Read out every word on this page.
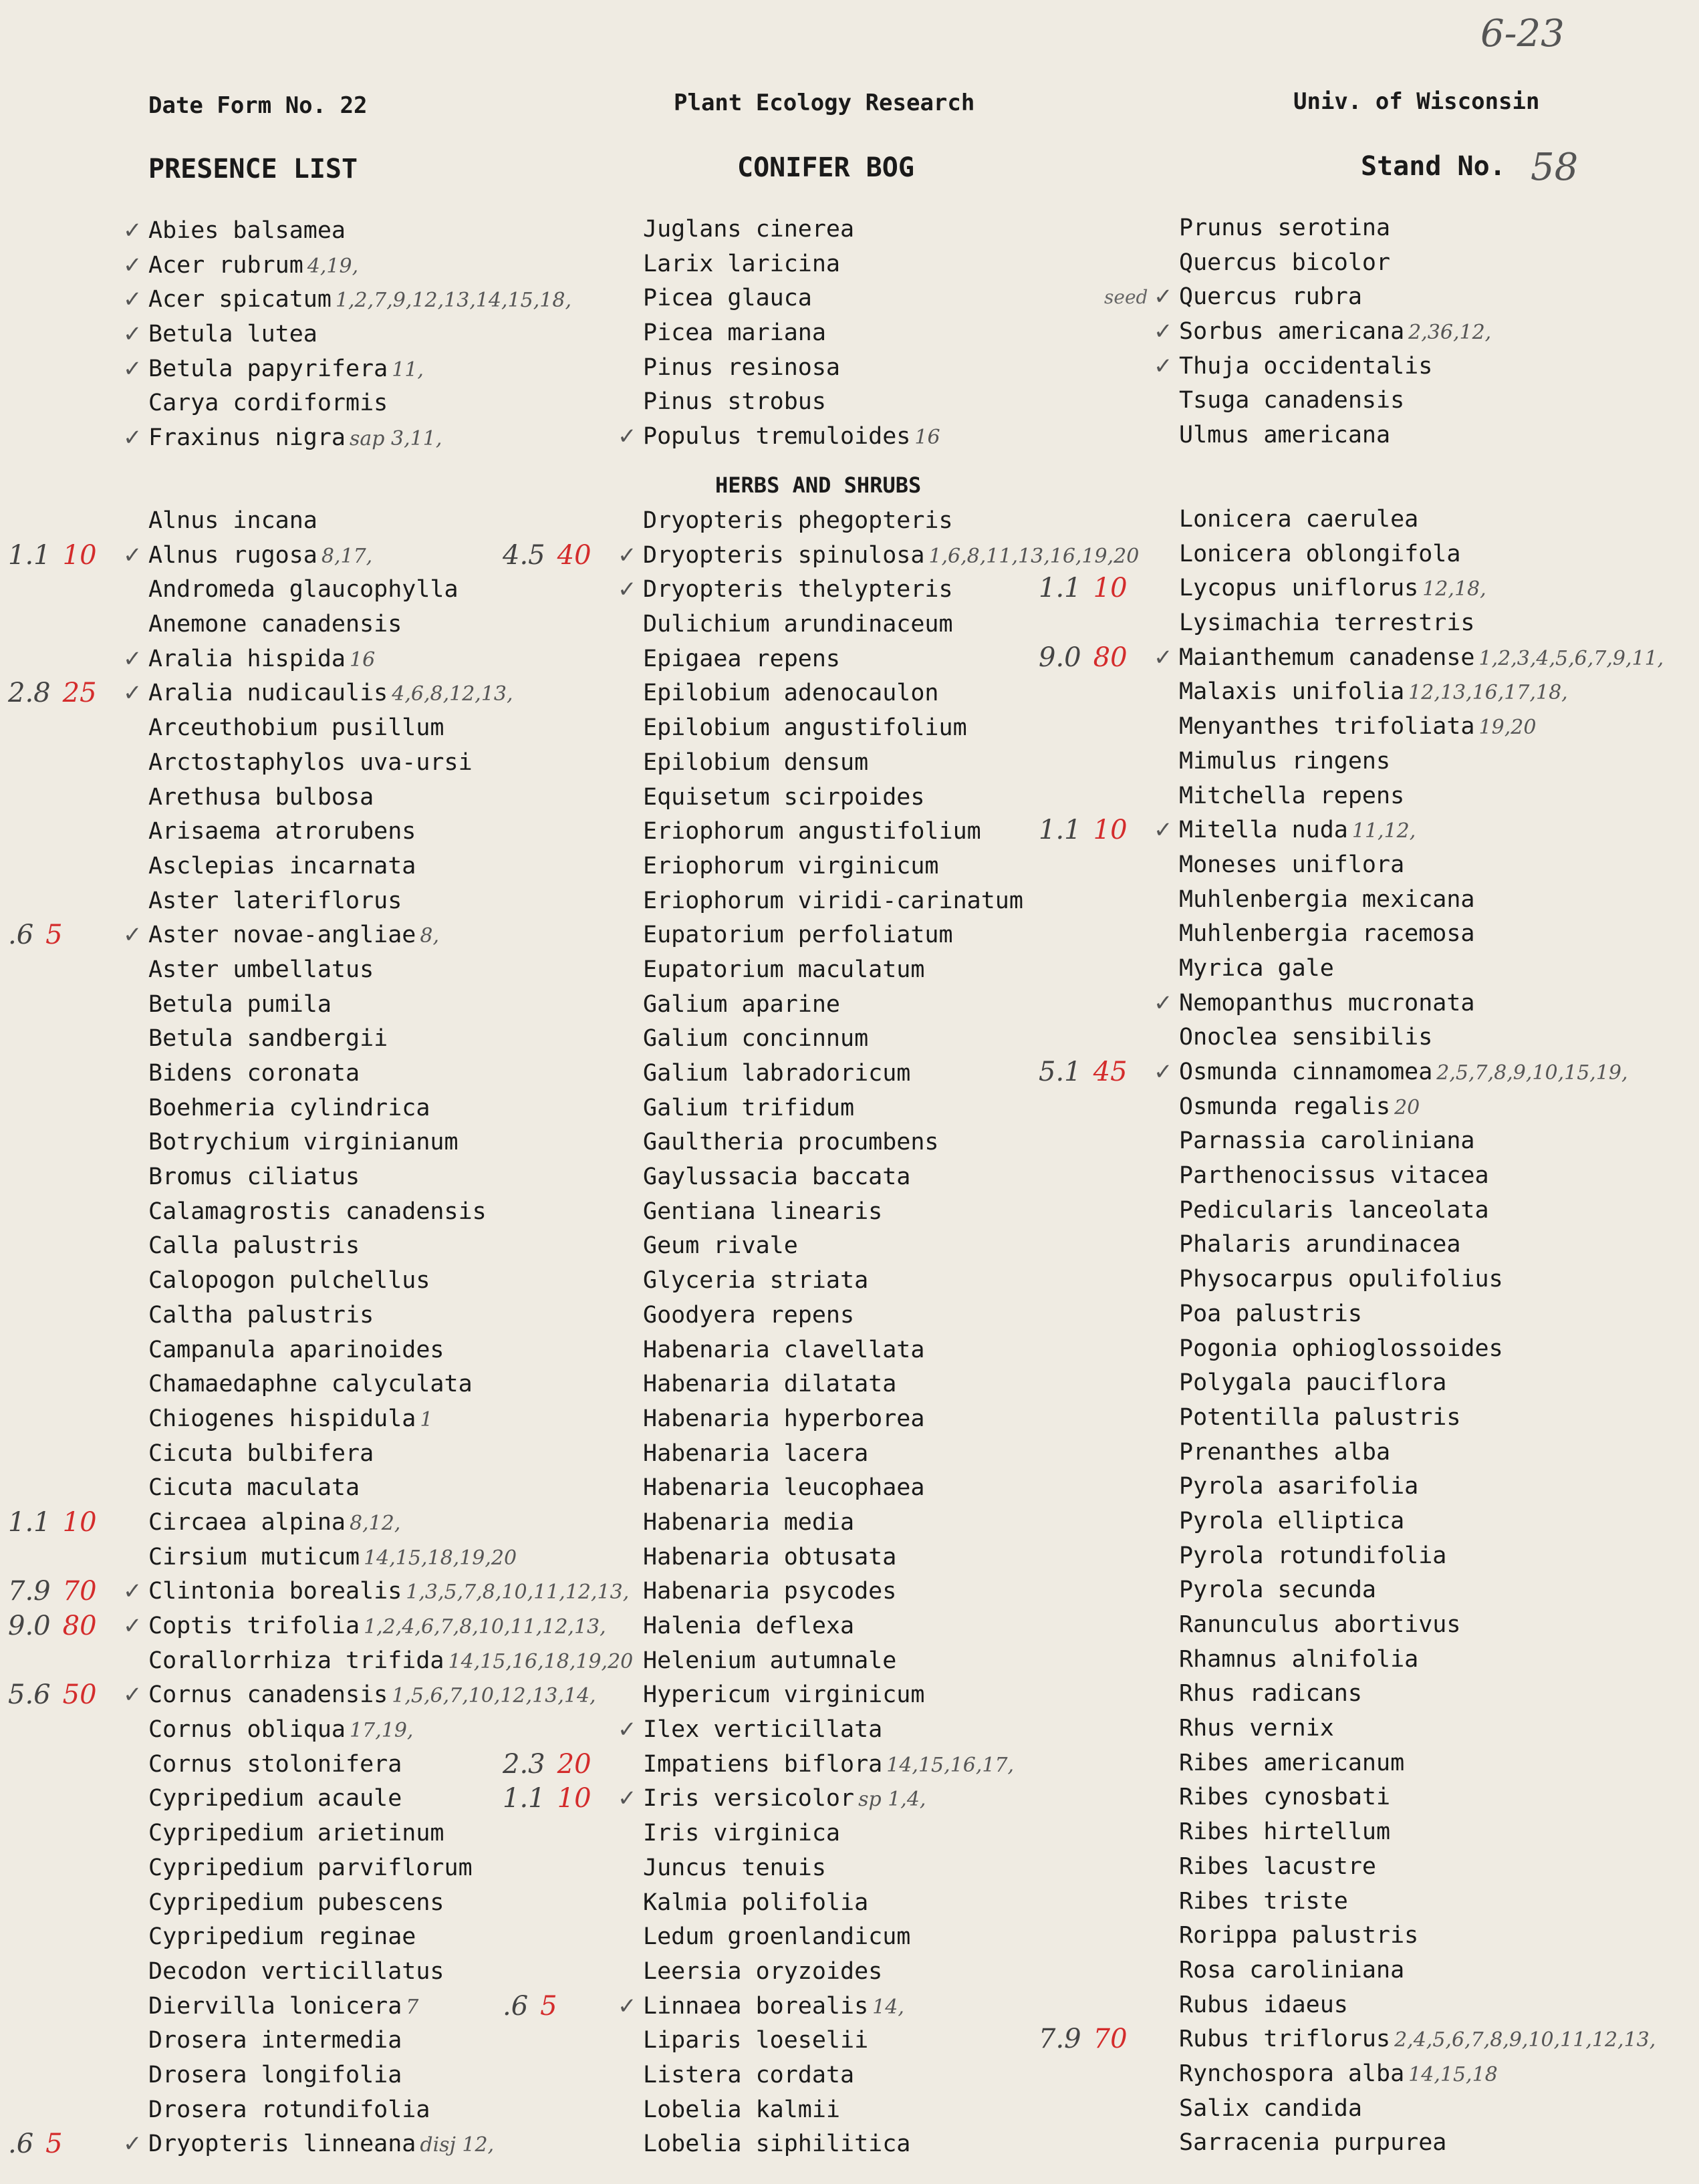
6-23
Date Form No. 22	Plant Ecology Research	Univ. of Wisconsin
PRESENCE LIST	CONIFER BOG	Stand No. 58
✓ Abies balsamea
✓ Acer rubrum 4,19,
✓ Acer spicatum 1,2,7,9,12,13,14,15,18,
✓ Betula lutea
✓ Betula papyrifera 11,
Carya cordiformis
✓ Fraxinus nigra sap 3,11,
Juglans cinerea
Larix laricina
Picea glauca
Picea mariana
Pinus resinosa
Pinus strobus
✓ Populus tremuloides 16
Prunus serotina
Quercus bicolor
seed ✓ Quercus rubra
✓ Sorbus americana 2,36,12,
✓ Thuja occidentalis
Tsuga canadensis
Ulmus americana
HERBS AND SHRUBS
Alnus incana
1.1 10 ✓ Alnus rugosa 8,17,
Andromeda glaucophylla
Anemone canadensis
✓ Aralia hispida 16
2.8 25 ✓ Aralia nudicaulis 4,6,8,12,13,
Arceuthobium pusillum
Arctostaphylos uva-ursi
Arethusa bulbosa
Arisaema atrorubens
Asclepias incarnata
Aster lateriflorus
.6 5	✓ Aster novae-angliae 8,
Aster umbellatus
Betula pumila
Betula sandbergii
Bidens coronata
Boehmeria cylindrica
Botrychium virginianum
Bromus ciliatus
Calamagrostis canadensis
Calla palustris
Calopogon pulchellus
Caltha palustris
Campanula aparinoides
Chamaedaphne calyculata
Chiogenes hispidula 1
Cicuta bulbifera
Cicuta maculata
1.1 10 Circaea alpina 8,12,
Cirsium muticum 14,15,18,19,20
7.9 70 ✓ Clintonia borealis 1,3,5,7,8,10,11,12,13,
9.0 80 ✓ Coptis trifolia 1,2,4,6,7,8,10,11,12,13,
Corallorrhiza trifida 14,15,16,18,19,20
5.6 50 ✓ Cornus canadensis 1,5,6,7,10,12,13,14,
Cornus obliqua 17,19,
Cornus stolonifera
Cypripedium acaule
Cypripedium arietinum
Cypripedium parviflorum
Cypripedium pubescens
Cypripedium reginae
Decodon verticillatus
Diervilla lonicera 7
Drosera intermedia
Drosera longifolia
Drosera rotundifolia
.6 5	✓ Dryopteris linneana disj 12,
Dryopteris phegopteris
4.5 40 ✓ Dryopteris spinulosa 1,6,8,11,13,16,19,20
✓ Dryopteris thelypteris
Dulichium arundinaceum
Epigaea repens
Epilobium adenocaulon
Epilobium angustifolium
Epilobium densum
Equisetum scirpoides
Eriophorum angustifolium
Eriophorum virginicum
Eriophorum viridi-carinatum
Eupatorium perfoliatum
Eupatorium maculatum
Galium aparine
Galium concinnum
Galium labradoricum
Galium trifidum
Gaultheria procumbens
Gaylussacia baccata
Gentiana linearis
Geum rivale
Glyceria striata
Goodyera repens
Habenaria clavellata
Habenaria dilatata
Habenaria hyperborea
Habenaria lacera
Habenaria leucophaea
Habenaria media
Habenaria obtusata
Habenaria psycodes
Halenia deflexa
Helenium autumnale
Hypericum virginicum
✓ Ilex verticillata
2.3 20 Impatiens biflora 14,15,16,17,
1.1 10 ✓ Iris versicolor sp 1,4,
Iris virginica
Juncus tenuis
Kalmia polifolia
Ledum groenlandicum
Leersia oryzoides
.6 5	✓ Linnaea borealis 14,
Liparis loeselii
Listera cordata
Lobelia kalmii
Lobelia siphilitica
Lonicera caerulea
Lonicera oblongifola
1.1 10 Lycopus uniflorus 12,18,
Lysimachia terrestris
9.0 80 ✓ Maianthemum canadense 1,2,3,4,5,6,7,9,11,
Malaxis unifolia 12,13,16,17,18,
Menyanthes trifoliata 19,20
Mimulus ringens
Mitchella repens
1.1 10 ✓ Mitella nuda 11,12,
Moneses uniflora
Muhlenbergia mexicana
Muhlenbergia racemosa
Myrica gale
✓ Nemopanthus mucronata
Onoclea sensibilis
5.1 45 ✓ Osmunda cinnamomea 2,5,7,8,9,10,15,19,
Osmunda regalis 20
Parnassia caroliniana
Parthenocissus vitacea
Pedicularis lanceolata
Phalaris arundinacea
Physocarpus opulifolius
Poa palustris
Pogonia ophioglossoides
Polygala pauciflora
Potentilla palustris
Prenanthes alba
Pyrola asarifolia
Pyrola elliptica
Pyrola rotundifolia
Pyrola secunda
Ranunculus abortivus
Rhamnus alnifolia
Rhus radicans
Rhus vernix
Ribes americanum
Ribes cynosbati
Ribes hirtellum
Ribes lacustre
Ribes triste
Rorippa palustris
Rosa caroliniana
Rubus idaeus
7.9 70 Rubus triflorus 2,4,5,6,7,8,9,10,11,12,13,
Rynchospora alba 14,15,18
Salix candida
Sarracenia purpurea
